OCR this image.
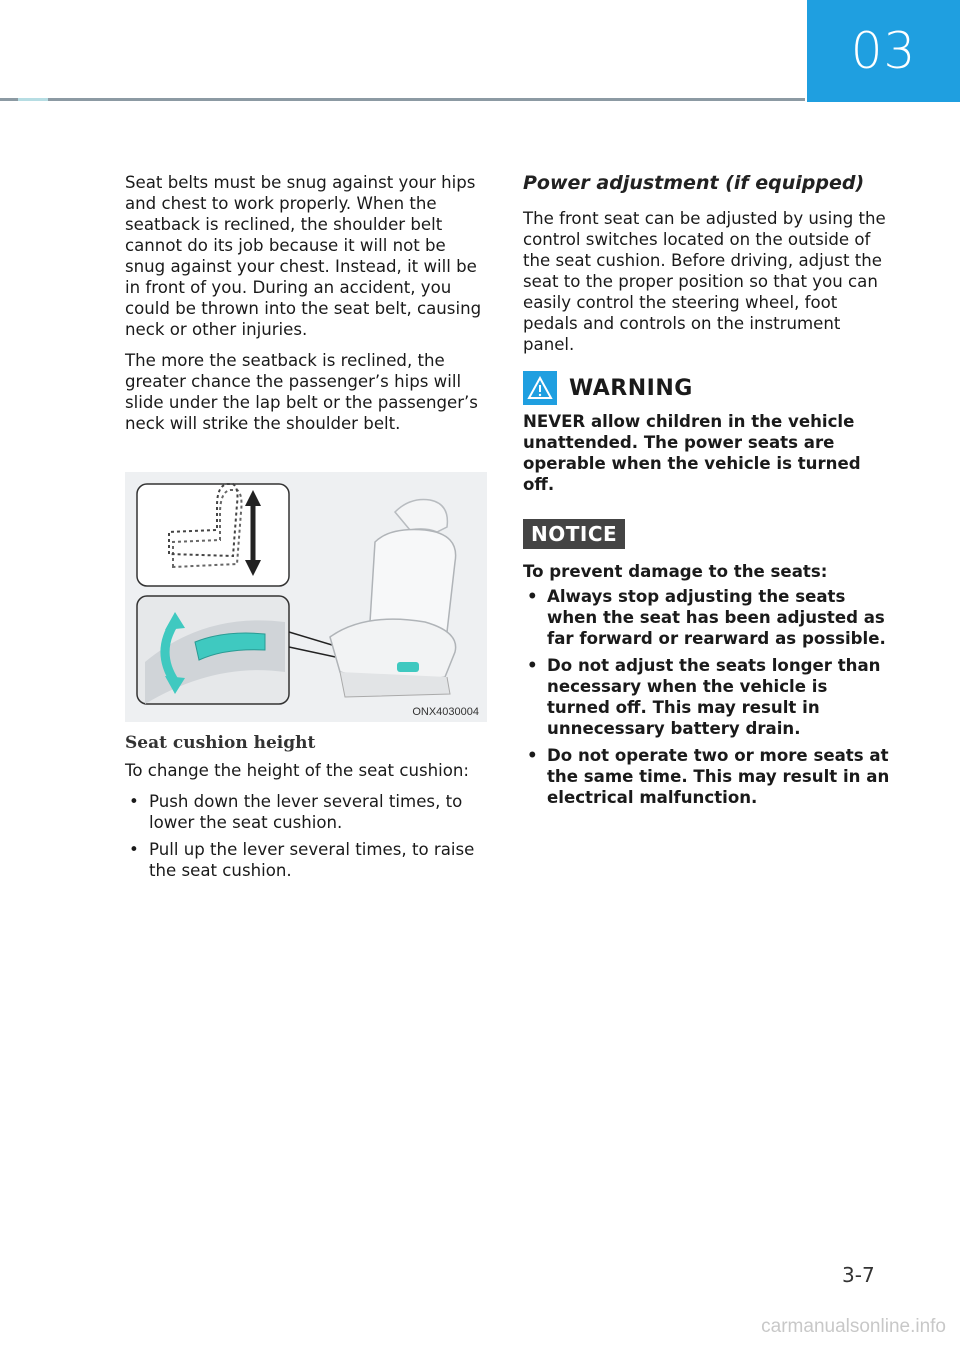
03

Seat belts must be snug against your hips and chest to work properly. When the seatback is reclined, the shoulder belt cannot do its job because it will not be snug against your chest. Instead, it will be in front of you. During an accident, you could be thrown into the seat belt, causing neck or other injuries.

The more the seatback is reclined, the greater chance the passenger’s hips will slide under the lap belt or the passenger’s neck will strike the shoulder belt.

ONX4030004
Seat cushion height

To change the height of the seat cushion:

• Push down the lever several times, to lower the seat cushion.
• Pull up the lever several times, to raise the seat cushion.
Power adjustment (if equipped)

The front seat can be adjusted by using the control switches located on the outside of the seat cushion. Before driving, adjust the seat to the proper position so that you can easily control the steering wheel, foot pedals and controls on the instrument panel.

WARNING

NEVER allow children in the vehicle unattended. The power seats are operable when the vehicle is turned off.

NOTICE

To prevent damage to the seats:

• Always stop adjusting the seats when the seat has been adjusted as far forward or rearward as possible.
• Do not adjust the seats longer than necessary when the vehicle is turned off. This may result in unnecessary battery drain.
• Do not operate two or more seats at the same time. This may result in an electrical malfunction.
3-7
carmanualsonline.info
